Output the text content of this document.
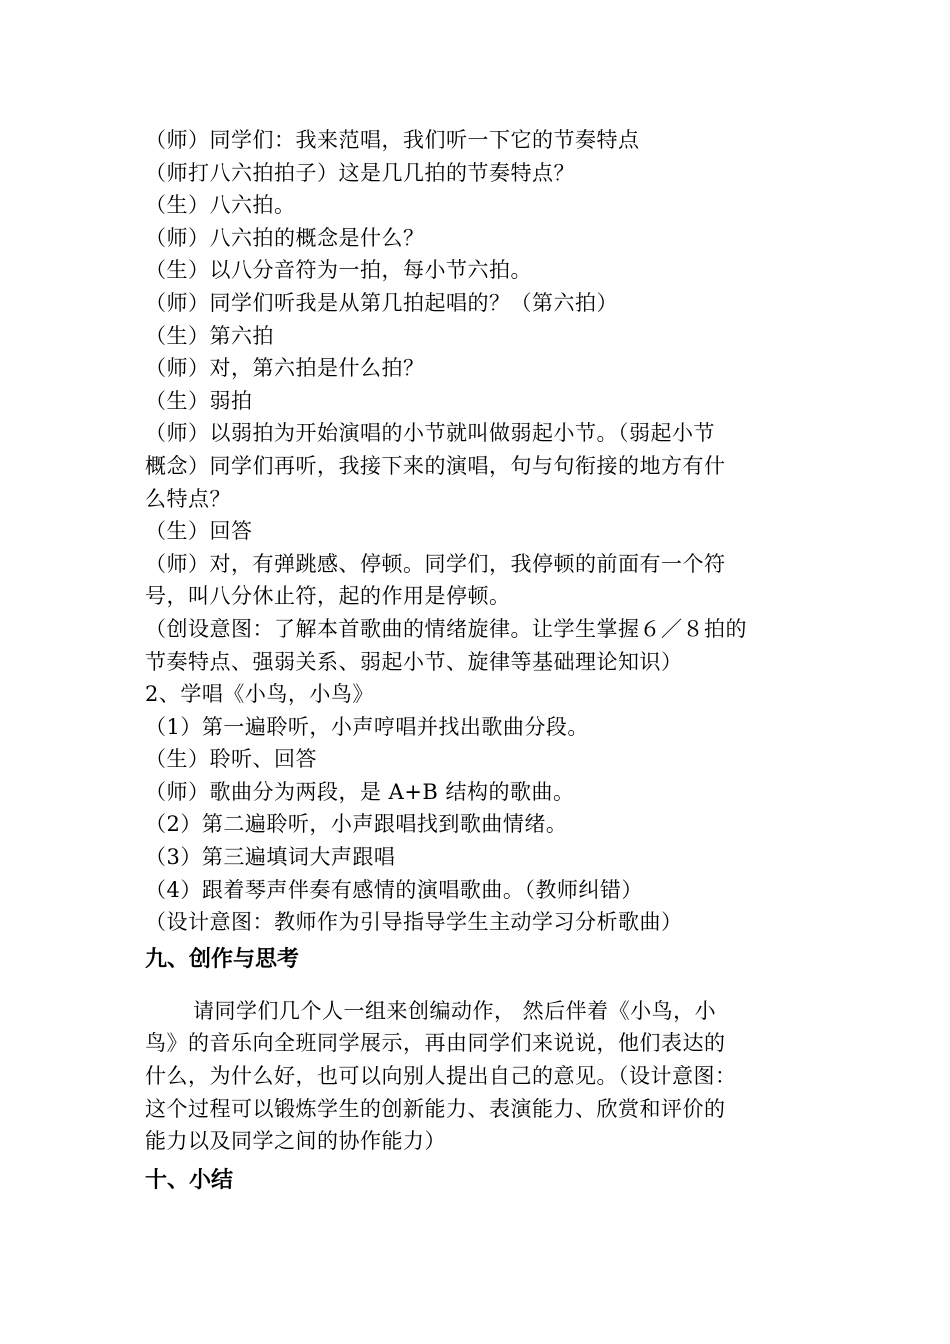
（师）同学们：我来范唱，我们听一下它的节奏特点
（师打八六拍拍子）这是几几拍的节奏特点？
（生）八六拍。
（师）八六拍的概念是什么？
（生）以八分音符为一拍，每小节六拍。
（师）同学们听我是从第几拍起唱的？（第六拍）
（生）第六拍
（师）对，第六拍是什么拍？
（生）弱拍
（师）以弱拍为开始演唱的小节就叫做弱起小节。（弱起小节
概念）同学们再听，我接下来的演唱，句与句衔接的地方有什
么特点？
（生）回答
（师）对，有弹跳感、停顿。同学们，我停顿的前面有一个符
号，叫八分休止符，起的作用是停顿。
（创设意图：了解本首歌曲的情绪旋律。让学生掌握６／８拍的
节奏特点、强弱关系、弱起小节、旋律等基础理论知识）
2、学唱《小鸟，小鸟》
（1）第一遍聆听，小声哼唱并找出歌曲分段。
（生）聆听、回答
（师）歌曲分为两段，是 A+B 结构的歌曲。
（2）第二遍聆听，小声跟唱找到歌曲情绪。
（3）第三遍填词大声跟唱
（4）跟着琴声伴奏有感情的演唱歌曲。（教师纠错）
（设计意图：教师作为引导指导学生主动学习分析歌曲）
九、创作与思考
请同学们几个人一组来创编动作， 然后伴着《小鸟，小
鸟》的音乐向全班同学展示，再由同学们来说说，他们表达的
什么，为什么好，也可以向别人提出自己的意见。（设计意图：
这个过程可以锻炼学生的创新能力、表演能力、欣赏和评价的
能力以及同学之间的协作能力）
十、小结
